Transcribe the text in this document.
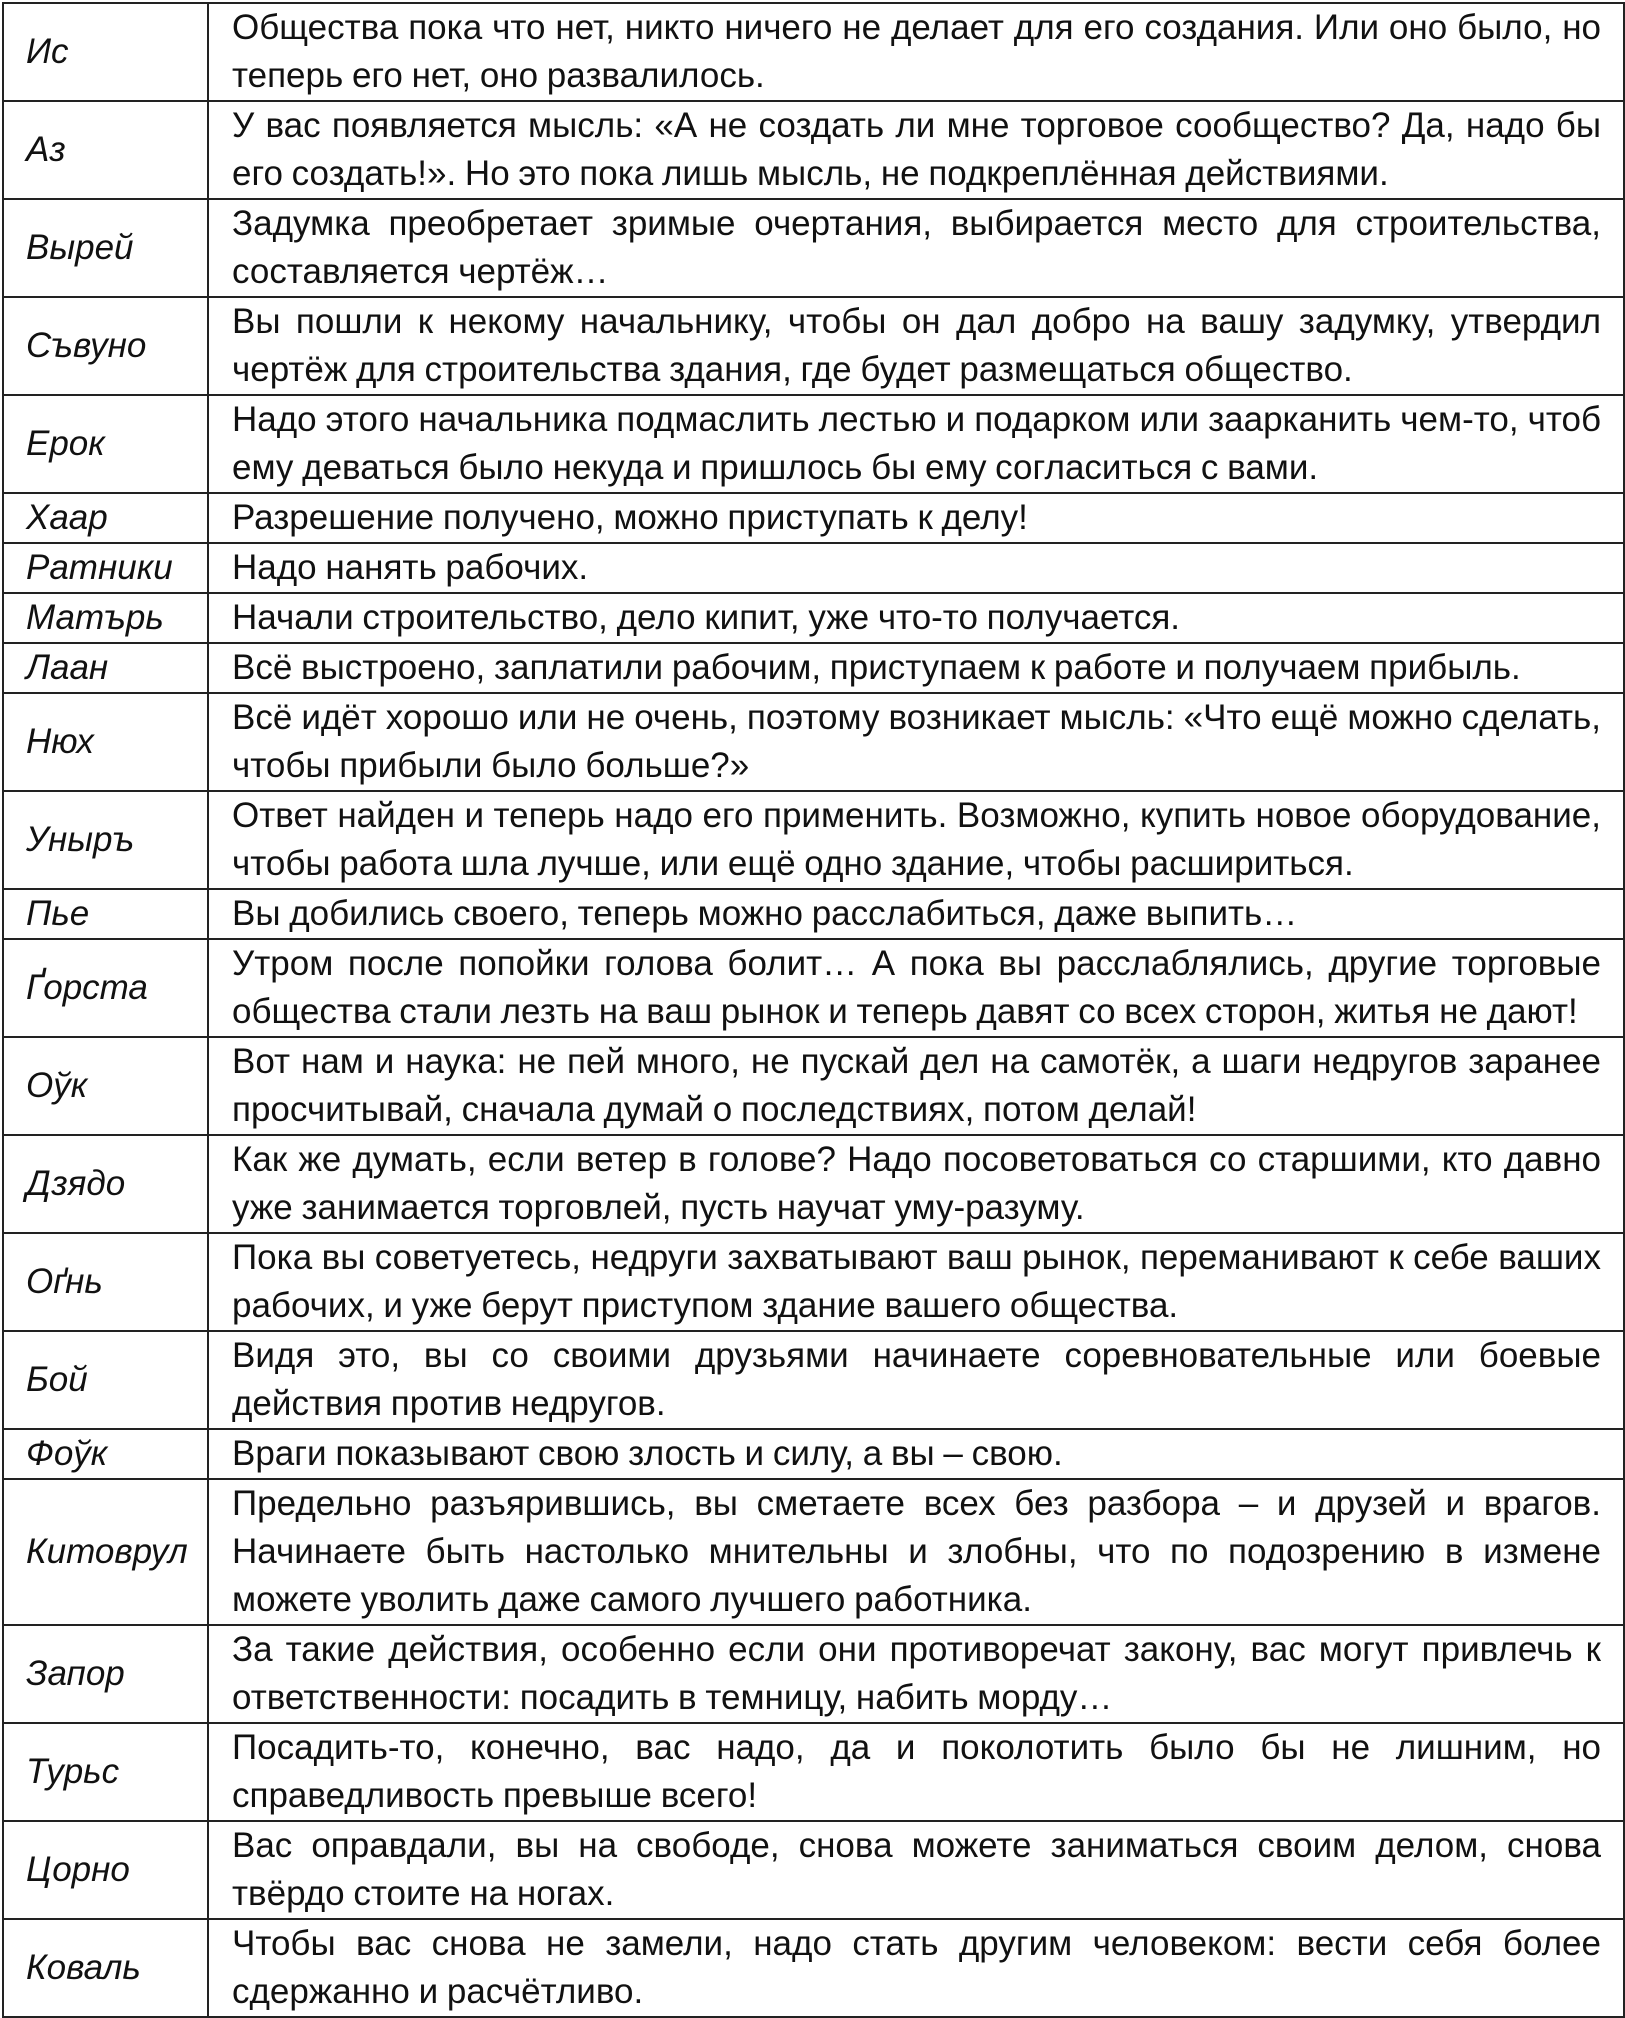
Ис	Общества пока что нет, никто ничего не делает для его создания. Или оно было, но теперь его нет, оно развалилось.
Аз	У вас появляется мысль: «А не создать ли мне торговое сообщество? Да, надо бы его создать!». Но это пока лишь мысль, не подкреплённая действиями.
Вырей	Задумка преобретает зримые очертания, выбирается место для строительства, составляется чертёж…
Съвуно	Вы пошли к некому начальнику, чтобы он дал добро на вашу задумку, утвердил чертёж для строительства здания, где будет размещаться общество.
Ерок	Надо этого начальника подмаслить лестью и подарком или заарканить чем-то, чтоб ему деваться было некуда и пришлось бы ему согласиться с вами.
Хаар	Разрешение получено, можно приступать к делу!
Ратники	Надо нанять рабочих.
Матърь	Начали строительство, дело кипит, уже что-то получается.
Лаан	Всё выстроено, заплатили рабочим, приступаем к работе и получаем прибыль.
Нюх	Всё идёт хорошо или не очень, поэтому возникает мысль: «Что ещё можно сделать, чтобы прибыли было больше?»
Уныръ	Ответ найден и теперь надо его применить. Возможно, купить новое оборудование, чтобы работа шла лучше, или ещё одно здание, чтобы расшириться.
Пье	Вы добились своего, теперь можно расслабиться, даже выпить…
Ґорста	Утром после попойки голова болит… А пока вы расслаблялись, другие торговые общества стали лезть на ваш рынок и теперь давят со всех сторон, житья не дают!
Оўк	Вот нам и наука: не пей много, не пускай дел на самотёк, а шаги недругов заранее просчитывай, сначала думай о последствиях, потом делай!
Дзядо	Как же думать, если ветер в голове? Надо посоветоваться со старшими, кто давно уже занимается торговлей, пусть научат уму-разуму.
Оґнь	Пока вы советуетесь, недруги захватывают ваш рынок, переманивают к себе ваших рабочих, и уже берут приступом здание вашего общества.
Бой	Видя это, вы со своими друзьями начинаете соревновательные или боевые действия против недругов.
Фоўк	Враги показывают свою злость и силу, а вы – свою.
Китоврул	Предельно разъярившись, вы сметаете всех без разбора – и друзей и врагов. Начинаете быть настолько мнительны и злобны, что по подозрению в измене можете уволить даже самого лучшего работника.
Запор	За такие действия, особенно если они противоречат закону, вас могут привлечь к ответственности: посадить в темницу, набить морду…
Турьс	Посадить-то, конечно, вас надо, да и поколотить было бы не лишним, но справедливость превыше всего!
Цорно	Вас оправдали, вы на свободе, снова можете заниматься своим делом, снова твёрдо стоите на ногах.
Коваль	Чтобы вас снова не замели, надо стать другим человеком: вести себя более сдержанно и расчётливо.
